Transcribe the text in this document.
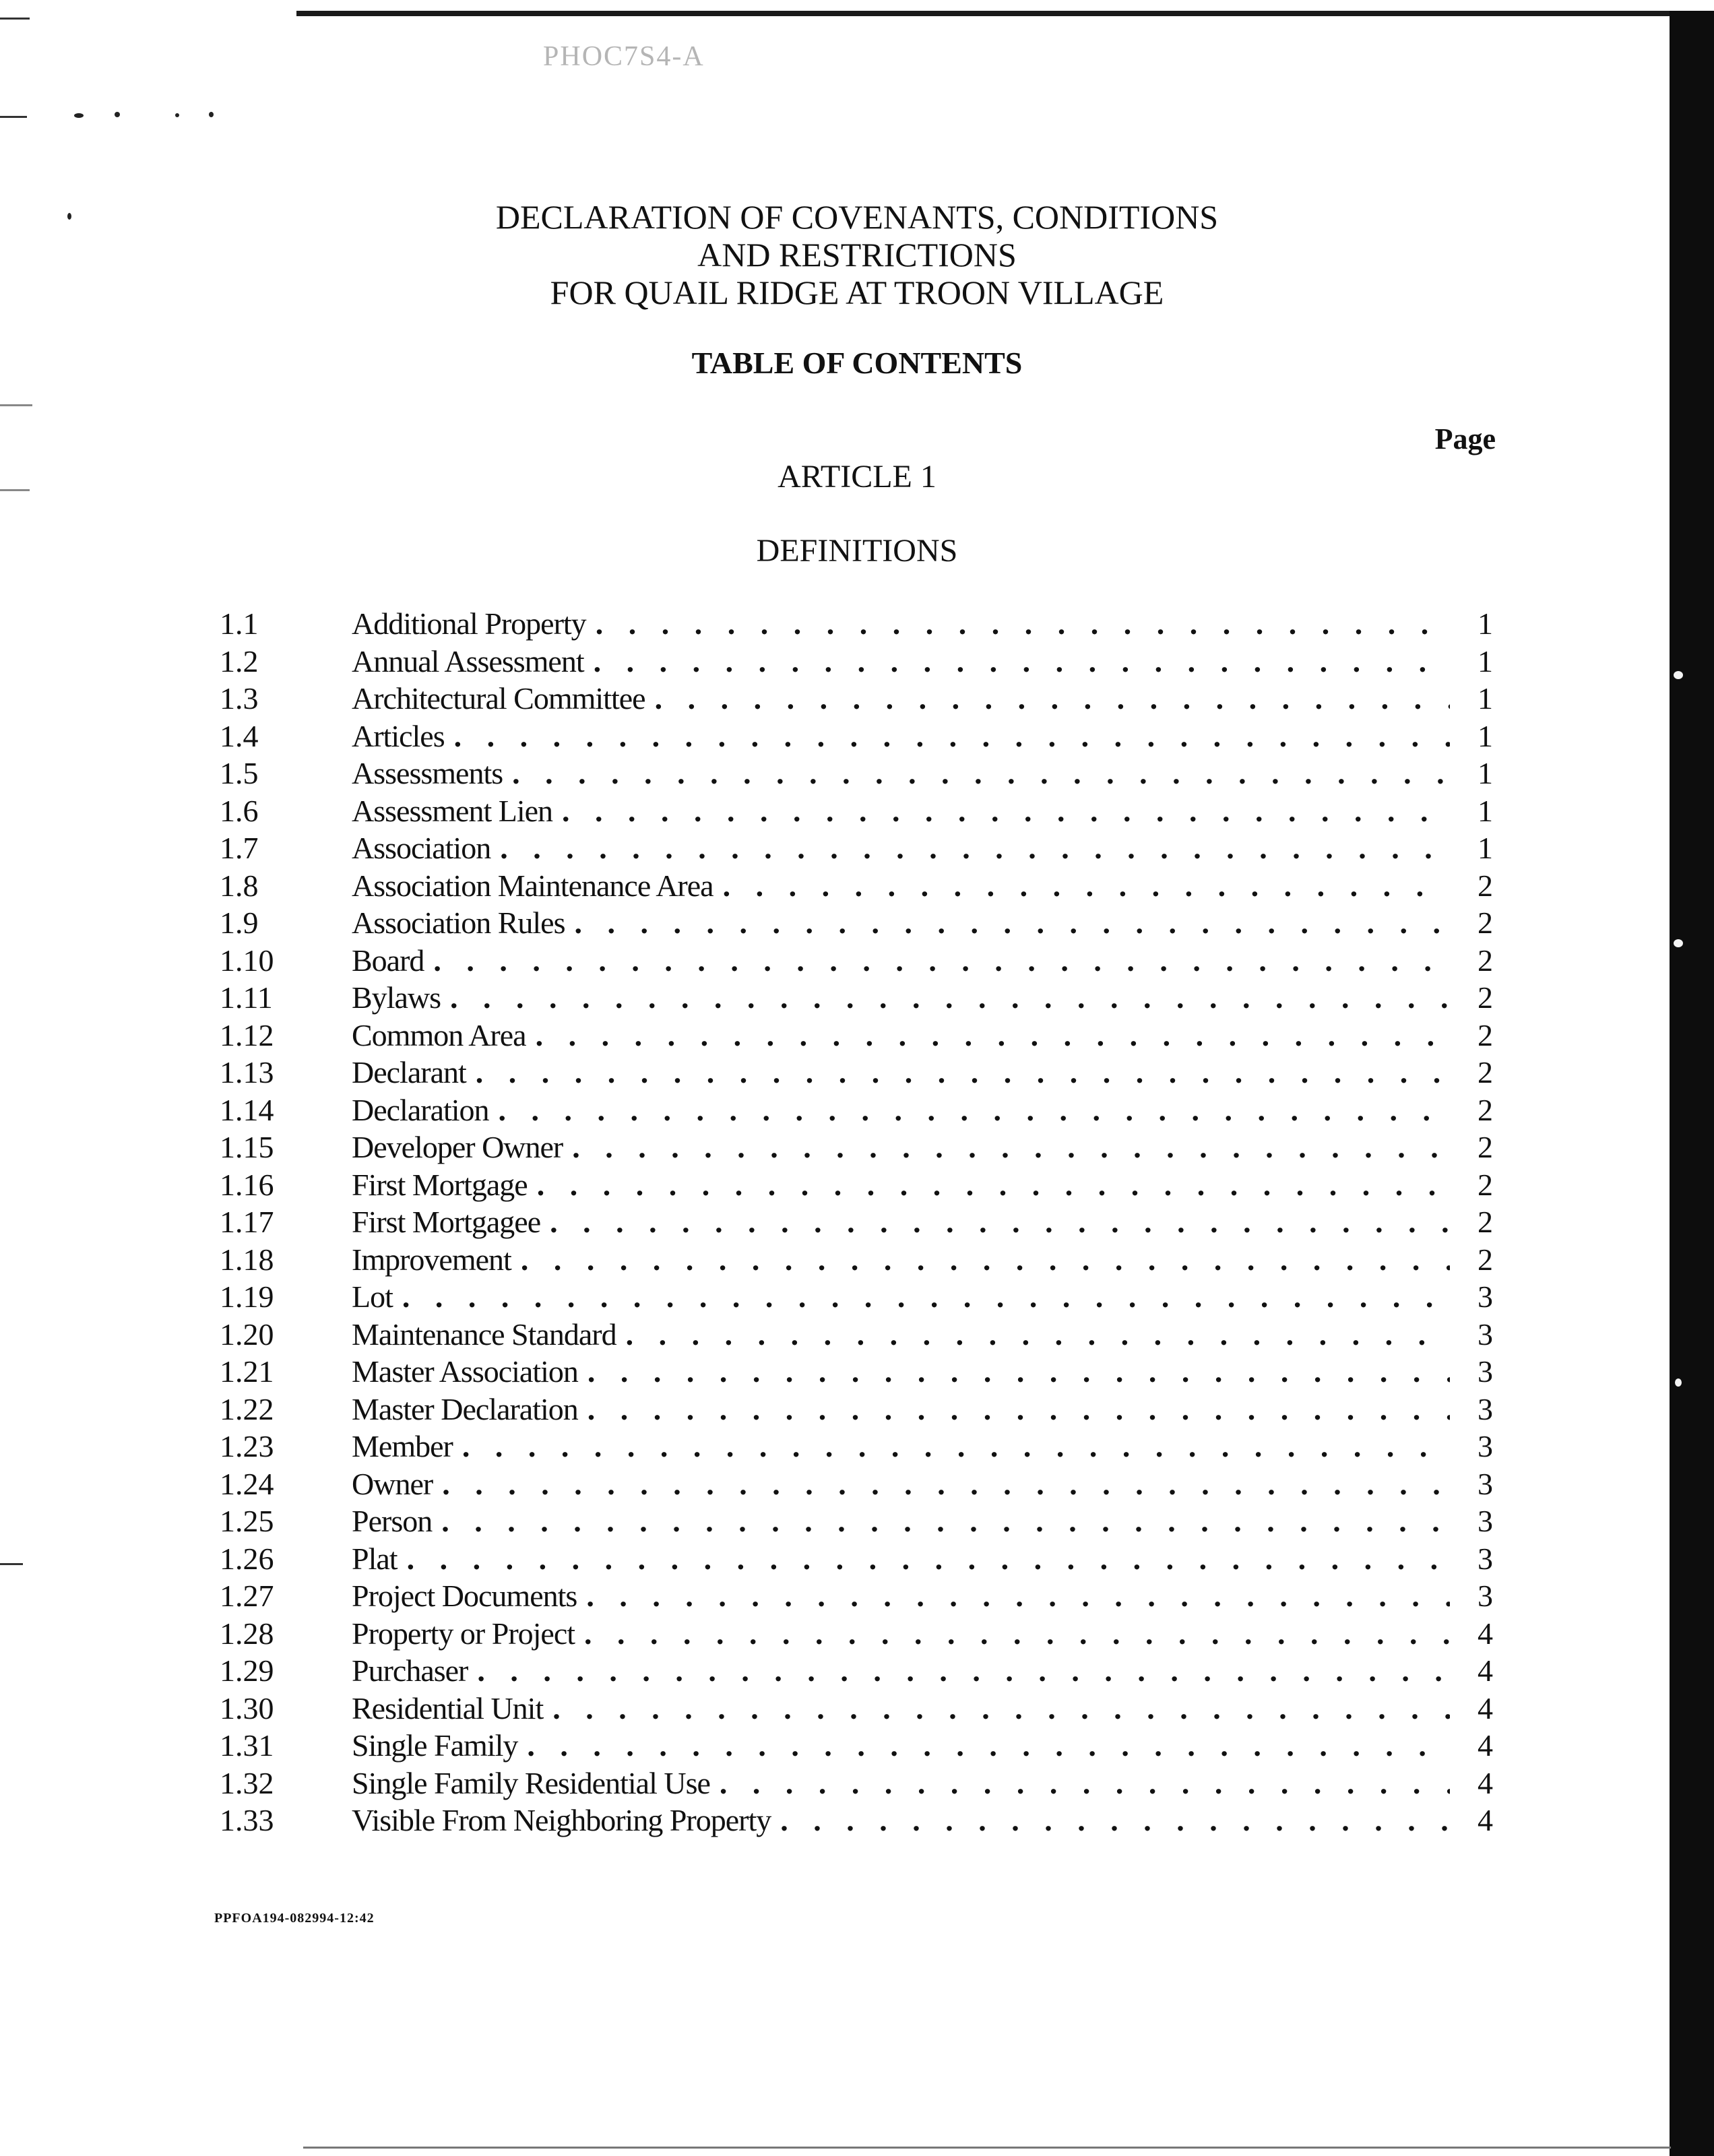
PHOC7S4-A
DECLARATION OF COVENANTS, CONDITIONS
AND RESTRICTIONS
FOR QUAIL RIDGE AT TROON VILLAGE
TABLE OF CONTENTS
Page
ARTICLE 1
DEFINITIONS
1.1	Additional Property . . .	1
1.2	Annual Assessment . . .	1
1.3	Architectural Committee . . .	1
1.4	Articles . . .	1
1.5	Assessments . . .	1
1.6	Assessment Lien . . .	1
1.7	Association . . .	1
1.8	Association Maintenance Area . . .	2
1.9	Association Rules . . .	2
1.10	Board . . .	2
1.11	Bylaws . . .	2
1.12	Common Area . . .	2
1.13	Declarant . . .	2
1.14	Declaration . . .	2
1.15	Developer Owner . . .	2
1.16	First Mortgage . . .	2
1.17	First Mortgagee . . .	2
1.18	Improvement . . .	2
1.19	Lot . . .	3
1.20	Maintenance Standard . . .	3
1.21	Master Association . . .	3
1.22	Master Declaration . . .	3
1.23	Member . . .	3
1.24	Owner . . .	3
1.25	Person . . .	3
1.26	Plat . . .	3
1.27	Project Documents . . .	3
1.28	Property or Project . . .	4
1.29	Purchaser . . .	4
1.30	Residential Unit . . .	4
1.31	Single Family . . .	4
1.32	Single Family Residential Use . . .	4
1.33	Visible From Neighboring Property . . .	4
PPFOA194-082994-12:42
